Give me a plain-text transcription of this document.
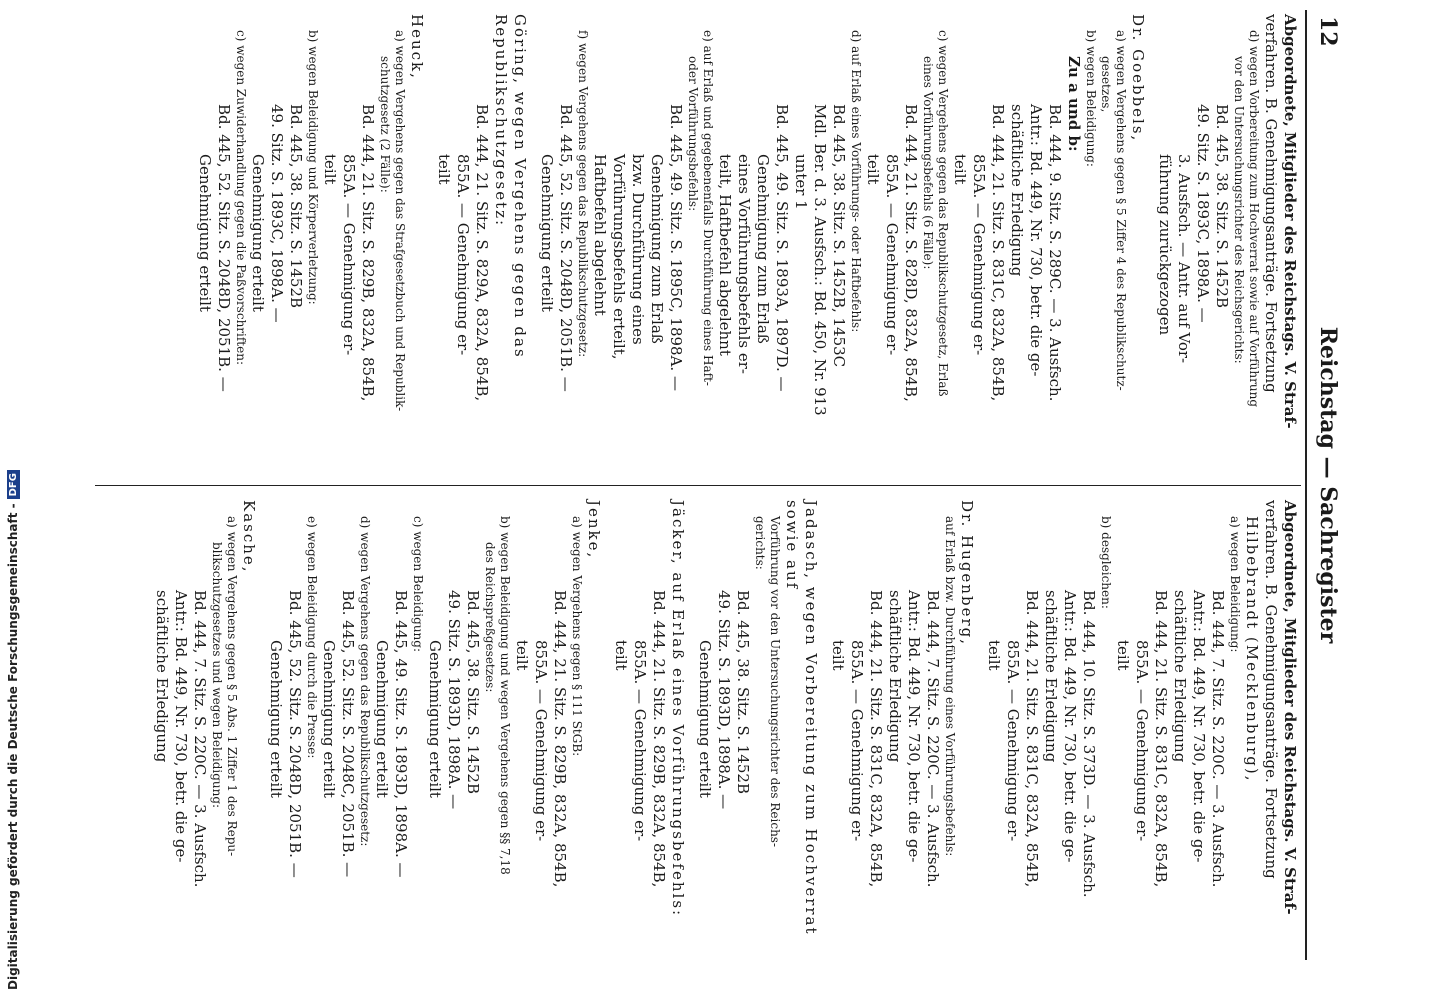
12
Reichstag — Sachregister

Abgeordnete, Mitglieder des Reichstags. V. Straf-

verfahren. B. Genehmigungsanträge. Fortsetzung

d) wegen Vorbereitung zum Hochverrat sowie auf Vorführung

vor den Untersuchungsrichter des Reichsgerichts:

Bd. 445, 38. Sitz. S. 1452B

49. Sitz. S. 1893C, 1898A. —

3. Ausfsch. — Antr. auf Vor-

führung zurückgezogen

Dr. Goebbels,

a) wegen Vergehens gegen § 5 Ziffer 4 des Republikschutz-

gesetzes,

b) wegen Beleidigung:

Zu a und b:

Bd. 444, 9. Sitz. S. 289C. — 3. Ausfsch.

Antr.: Bd. 449, Nr. 730, betr. die ge-

schäftliche Erledigung

Bd. 444, 21. Sitz. S. 831C, 832A, 854B,

855A. — Genehmigung er-

teilt

c) wegen Vergehens gegen das Republikschutzgesetz, Erlaß

eines Vorführungsbefehls (6 Fälle):

Bd. 444, 21. Sitz. S. 828D, 832A, 854B,

855A. — Genehmigung er-

teilt

d) auf Erlaß eines Vorführungs- oder Haftbefehls:

Bd. 445, 38. Sitz. S. 1452B, 1453C

Mdl. Ber. d. 3. Ausfsch.: Bd. 450, Nr. 913

unter 1

Bd. 445, 49. Sitz. S. 1893A, 1897D. —

Genehmigung zum Erlaß

eines Vorführungsbefehls er-

teilt, Haftbefehl abgelehnt

e) auf Erlaß und gegebenenfalls Durchführung eines Haft-

oder Vorführungsbefehls:

Bd. 445, 49. Sitz. S. 1895C, 1898A. —

Genehmigung zum Erlaß

bzw. Durchführung eines

Vorführungsbefehls erteilt,

Haftbefehl abgelehnt

f) wegen Vergehens gegen das Republikschutzgesetz:

Bd. 445, 52. Sitz. S. 2048D, 2051B. —

Genehmigung erteilt

Göring, wegen Vergehens gegen das Republikschutzgesetz:

Bd. 444, 21. Sitz. S. 829A, 832A, 854B,

855A. — Genehmigung er-

teilt

Heuck,

a) wegen Vergehens gegen das Strafgesetzbuch und Republik-

schutzgesetz (2 Fälle):

Bd. 444, 21. Sitz. S. 829B, 832A, 854B,

855A. — Genehmigung er-

teilt

b) wegen Beleidigung und Körperverletzung:

Bd. 445, 38. Sitz. S. 1452B

49. Sitz. S. 1893C, 1898A. —

Genehmigung erteilt

c) wegen Zuwiderhandlung gegen die Paßvorschriften:

Bd. 445, 52. Sitz. S. 2048D, 2051B. —

Genehmigung erteilt

Abgeordnete, Mitglieder des Reichstags. V. Straf-

verfahren. B. Genehmigungsanträge. Fortsetzung

Hilbebrandt (Mecklenburg),

a) wegen Beleidigung:

Bd. 444, 7. Sitz. S. 220C. — 3. Ausfsch.

Antr.: Bd. 449, Nr. 730, betr. die ge-

schäftliche Erledigung

Bd. 444, 21. Sitz. S. 831C, 832A, 854B,

855A. — Genehmigung er-

teilt

b) desgleichen:

Bd. 444, 10. Sitz. S. 373D. — 3. Ausfsch.

Antr.: Bd. 449, Nr. 730, betr. die ge-

schäftliche Erledigung

Bd. 444, 21. Sitz. S. 831C, 832A, 854B,

855A. — Genehmigung er-

teilt

Dr. Hugenberg,

auf Erlaß bzw. Durchführung eines Vorführungsbefehls:

Bd. 444, 7. Sitz. S. 220C. — 3. Ausfsch.

Antr.: Bd. 449, Nr. 730, betr. die ge-

schäftliche Erledigung

Bd. 444, 21. Sitz. S. 831C, 832A, 854B,

855A. — Genehmigung er-

teilt

Jadasch, wegen Vorbereitung zum Hochverrat sowie auf

Vorführung vor den Untersuchungsrichter des Reichs-

gerichts:

Bd. 445, 38. Sitz. S. 1452B

49. Sitz. S. 1893D, 1898A. —

Genehmigung erteilt

Jäcker, auf Erlaß eines Vorführungsbefehls:

Bd. 444, 21. Sitz. S. 829B, 832A, 854B,

855A. — Genehmigung er-

teilt

Jenke,

a) wegen Vergehens gegen § 111 StGB:

Bd. 444, 21. Sitz. S. 829B, 832A, 854B,

855A. — Genehmigung er-

teilt

b) wegen Beleidigung und wegen Vergehens gegen §§ 7,18

des Reichspreßgesetzes:

Bd. 445, 38. Sitz. S. 1452B

49. Sitz. S. 1893D, 1898A. —

Genehmigung erteilt

c) wegen Beleidigung:

Bd. 445, 49. Sitz. S. 1893D, 1898A. —

Genehmigung erteilt

d) wegen Vergehens gegen das Republikschutzgesetz:

Bd. 445, 52. Sitz. S. 2048C, 2051B. —

Genehmigung erteilt

e) wegen Beleidigung durch die Presse:

Bd. 445, 52. Sitz. S. 2048D, 2051B. —

Genehmigung erteilt

Kasche,

a) wegen Vergehens gegen § 5 Abs. 1 Ziffer 1 des Repu-

blikschutzgesetzes und wegen Beleidigung:

Bd. 444, 7. Sitz. S. 220C. — 3. Ausfsch.

Antr.: Bd. 449, Nr. 730, betr. die ge-

schäftliche Erledigung

Digitalisierung gefördert durch die Deutsche Forschungsgemeinschaft -DFG
